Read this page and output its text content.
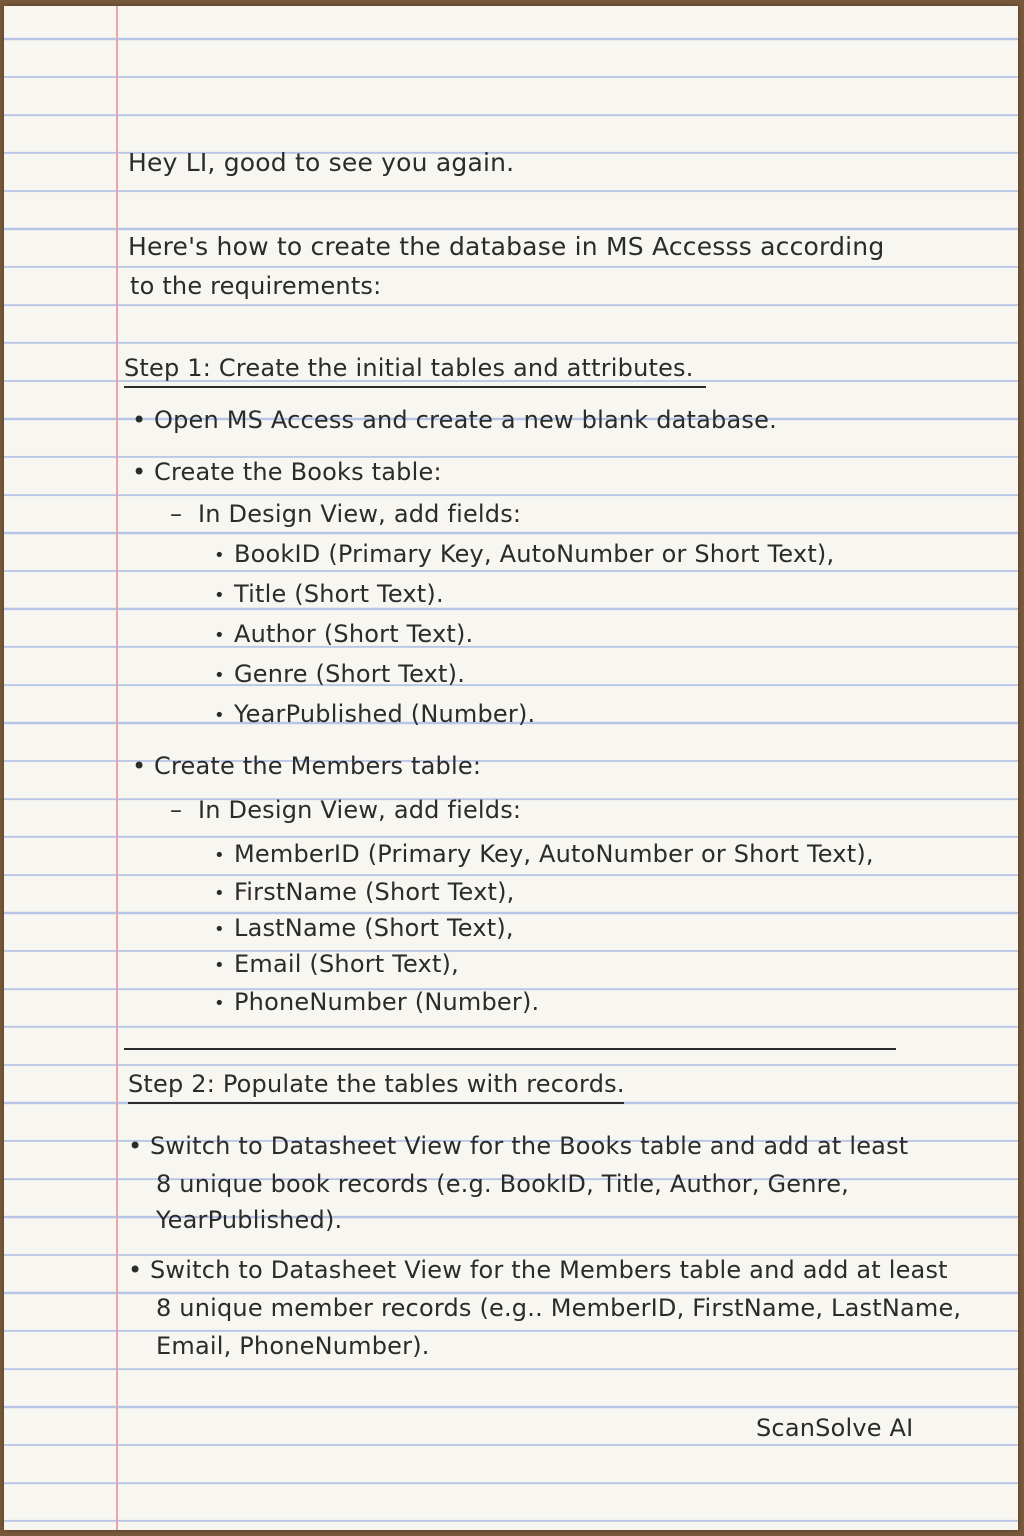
Hey LI, good to see you again.
Here's how to create the database in MS Accesss according
to the requirements:
Step 1: Create the initial tables and attributes.
• Open MS Access and create a new blank database.
• Create the Books table:
– In Design View, add fields:
• BookID (Primary Key, AutoNumber or Short Text),
• Title (Short Text).
• Author (Short Text).
• Genre (Short Text).
• YearPublished (Number).
• Create the Members table:
– In Design View, add fields:
• MemberID (Primary Key, AutoNumber or Short Text),
• FirstName (Short Text),
• LastName (Short Text),
• Email (Short Text),
• PhoneNumber (Number).
Step 2: Populate the tables with records.
• Switch to Datasheet View for the Books table and add at least
8 unique book records (e.g. BookID, Title, Author, Genre,
YearPublished).
• Switch to Datasheet View for the Members table and add at least
8 unique member records (e.g.. MemberID, FirstName, LastName,
Email, PhoneNumber).
ScanSolve AI
